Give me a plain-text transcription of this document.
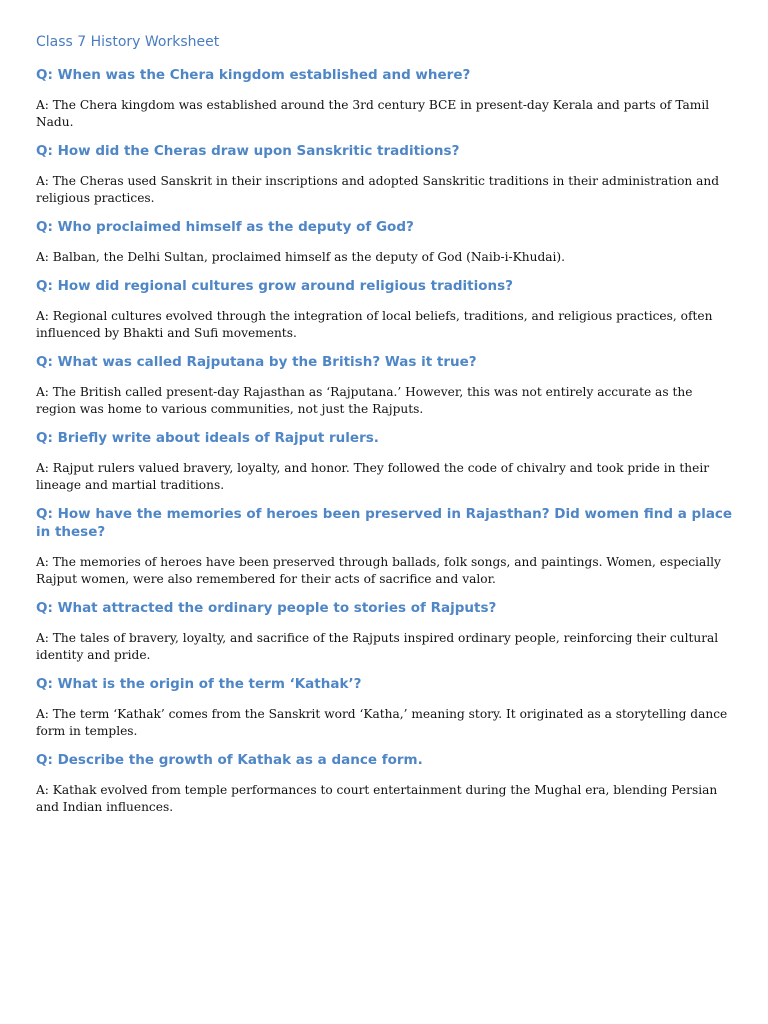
Class 7 History Worksheet
Q: When was the Chera kingdom established and where?

A: The Chera kingdom was established around the 3rd century BCE in present-day Kerala and parts of Tamil Nadu.

Q: How did the Cheras draw upon Sanskritic traditions?

A: The Cheras used Sanskrit in their inscriptions and adopted Sanskritic traditions in their administration and religious practices.

Q: Who proclaimed himself as the deputy of God?

A: Balban, the Delhi Sultan, proclaimed himself as the deputy of God (Naib-i-Khudai).

Q: How did regional cultures grow around religious traditions?

A: Regional cultures evolved through the integration of local beliefs, traditions, and religious practices, often influenced by Bhakti and Sufi movements.

Q: What was called Rajputana by the British? Was it true?

A: The British called present-day Rajasthan as ‘Rajputana.’ However, this was not entirely accurate as the region was home to various communities, not just the Rajputs.

Q: Briefly write about ideals of Rajput rulers.

A: Rajput rulers valued bravery, loyalty, and honor. They followed the code of chivalry and took pride in their lineage and martial traditions.

Q: How have the memories of heroes been preserved in Rajasthan? Did women find a place in these?

A: The memories of heroes have been preserved through ballads, folk songs, and paintings. Women, especially Rajput women, were also remembered for their acts of sacrifice and valor.

Q: What attracted the ordinary people to stories of Rajputs?

A: The tales of bravery, loyalty, and sacrifice of the Rajputs inspired ordinary people, reinforcing their cultural identity and pride.

Q: What is the origin of the term ‘Kathak’?

A: The term ‘Kathak’ comes from the Sanskrit word ‘Katha,’ meaning story. It originated as a storytelling dance form in temples.

Q: Describe the growth of Kathak as a dance form.

A: Kathak evolved from temple performances to court entertainment during the Mughal era, blending Persian and Indian influences.
